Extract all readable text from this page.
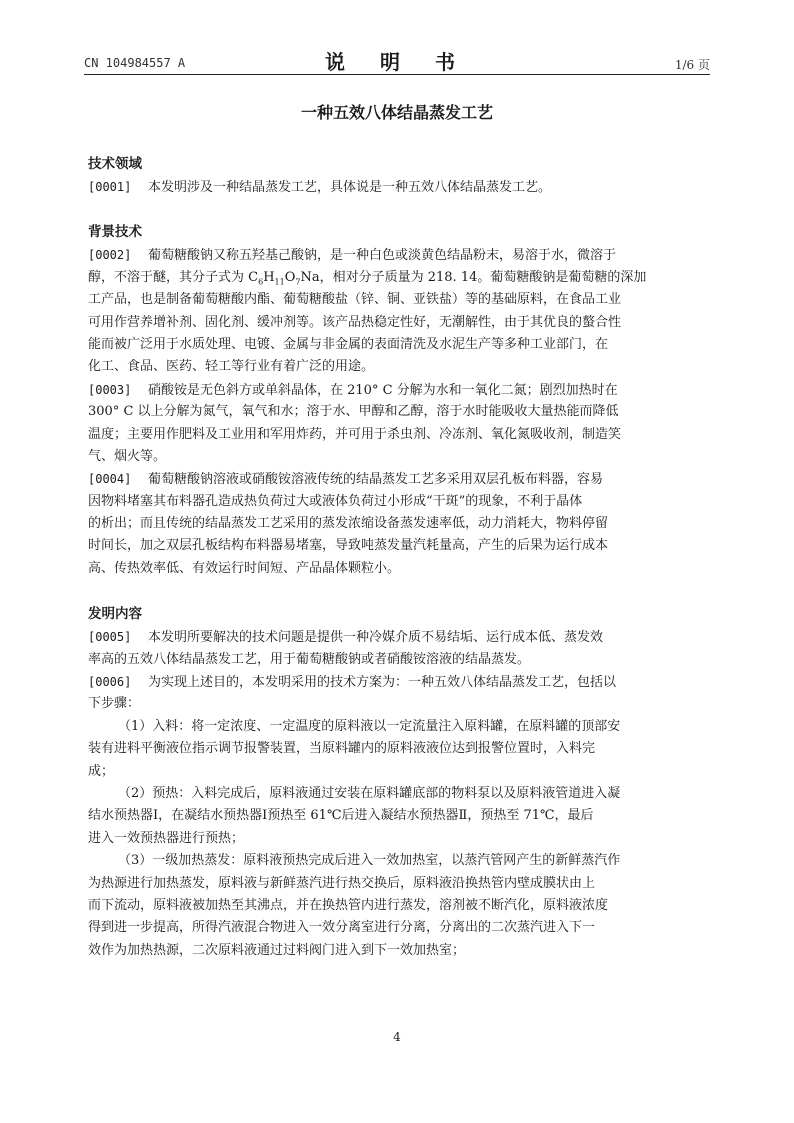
CN 104984557 A	说 明 书	1/6 页
一种五效八体结晶蒸发工艺
技术领域
[0001] 本发明涉及一种结晶蒸发工艺，具体说是一种五效八体结晶蒸发工艺。
背景技术
[0002] 葡萄糖酸钠又称五羟基己酸钠，是一种白色或淡黄色结晶粉末，易溶于水，微溶于
醇，不溶于醚，其分子式为 $C_6H_{11}O_7Na$，相对分子质量为 218. 14。葡萄糖酸钠是葡萄糖的深加
工产品，也是制备葡萄糖酸内酯、葡萄糖酸盐（锌、铜、亚铁盐）等的基础原料，在食品工业
可用作营养增补剂、固化剂、缓冲剂等。该产品热稳定性好，无潮解性，由于其优良的螯合性
能而被广泛用于水质处理、电镀、金属与非金属的表面清洗及水泥生产等多种工业部门，在
化工、食品、医药、轻工等行业有着广泛的用途。
[0003] 硝酸铵是无色斜方或单斜晶体，在 210° C 分解为水和一氧化二氮；剧烈加热时在
300° C 以上分解为氮气，氧气和水；溶于水、甲醇和乙醇，溶于水时能吸收大量热能而降低
温度；主要用作肥料及工业用和军用炸药，并可用于杀虫剂、冷冻剂、氧化氮吸收剂，制造笑
气、烟火等。
[0004] 葡萄糖酸钠溶液或硝酸铵溶液传统的结晶蒸发工艺多采用双层孔板布料器，容易
因物料堵塞其布料器孔造成热负荷过大或液体负荷过小形成“干斑”的现象，不利于晶体
的析出；而且传统的结晶蒸发工艺采用的蒸发浓缩设备蒸发速率低，动力消耗大，物料停留
时间长，加之双层孔板结构布料器易堵塞，导致吨蒸发量汽耗量高，产生的后果为运行成本
高、传热效率低、有效运行时间短、产品晶体颗粒小。
发明内容
[0005] 本发明所要解决的技术问题是提供一种冷媒介质不易结垢、运行成本低、蒸发效
率高的五效八体结晶蒸发工艺，用于葡萄糖酸钠或者硝酸铵溶液的结晶蒸发。
[0006] 为实现上述目的，本发明采用的技术方案为：一种五效八体结晶蒸发工艺，包括以
下步骤：
（1）入料：将一定浓度、一定温度的原料液以一定流量注入原料罐，在原料罐的顶部安
装有进料平衡液位指示调节报警装置，当原料罐内的原料液液位达到报警位置时，入料完
成；
（2）预热：入料完成后，原料液通过安装在原料罐底部的物料泵以及原料液管道进入凝
结水预热器Ⅰ，在凝结水预热器Ⅰ预热至 61℃后进入凝结水预热器Ⅱ，预热至 71℃，最后
进入一效预热器进行预热；
（3）一级加热蒸发：原料液预热完成后进入一效加热室，以蒸汽管网产生的新鲜蒸汽作
为热源进行加热蒸发，原料液与新鲜蒸汽进行热交换后，原料液沿换热管内壁成膜状由上
而下流动，原料液被加热至其沸点，并在换热管内进行蒸发，溶剂被不断汽化，原料液浓度
得到进一步提高，所得汽液混合物进入一效分离室进行分离，分离出的二次蒸汽进入下一
效作为加热热源，二次原料液通过过料阀门进入到下一效加热室；
4
